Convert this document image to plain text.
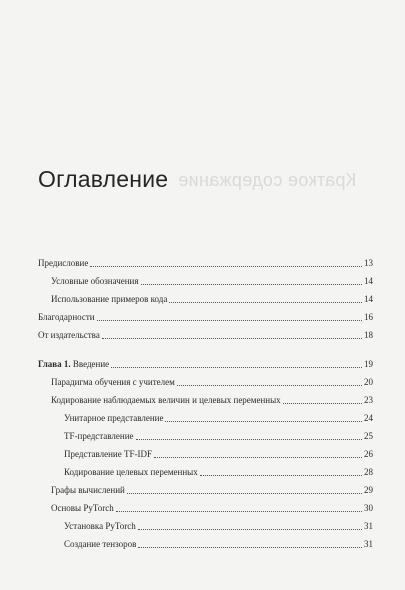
Краткое содержание
Оглавление
Предисловие	13
Условные обозначения	14
Использование примеров кода	14
Благодарности	16
От издательства	18
Глава 1. Введение	19
Парадигма обучения с учителем	20
Кодирование наблюдаемых величин и целевых переменных	23
Унитарное представление	24
TF-представление	25
Представление TF-IDF	26
Кодирование целевых переменных	28
Графы вычислений	29
Основы PyTorch	30
Установка PyTorch	31
Создание тензоров	31
